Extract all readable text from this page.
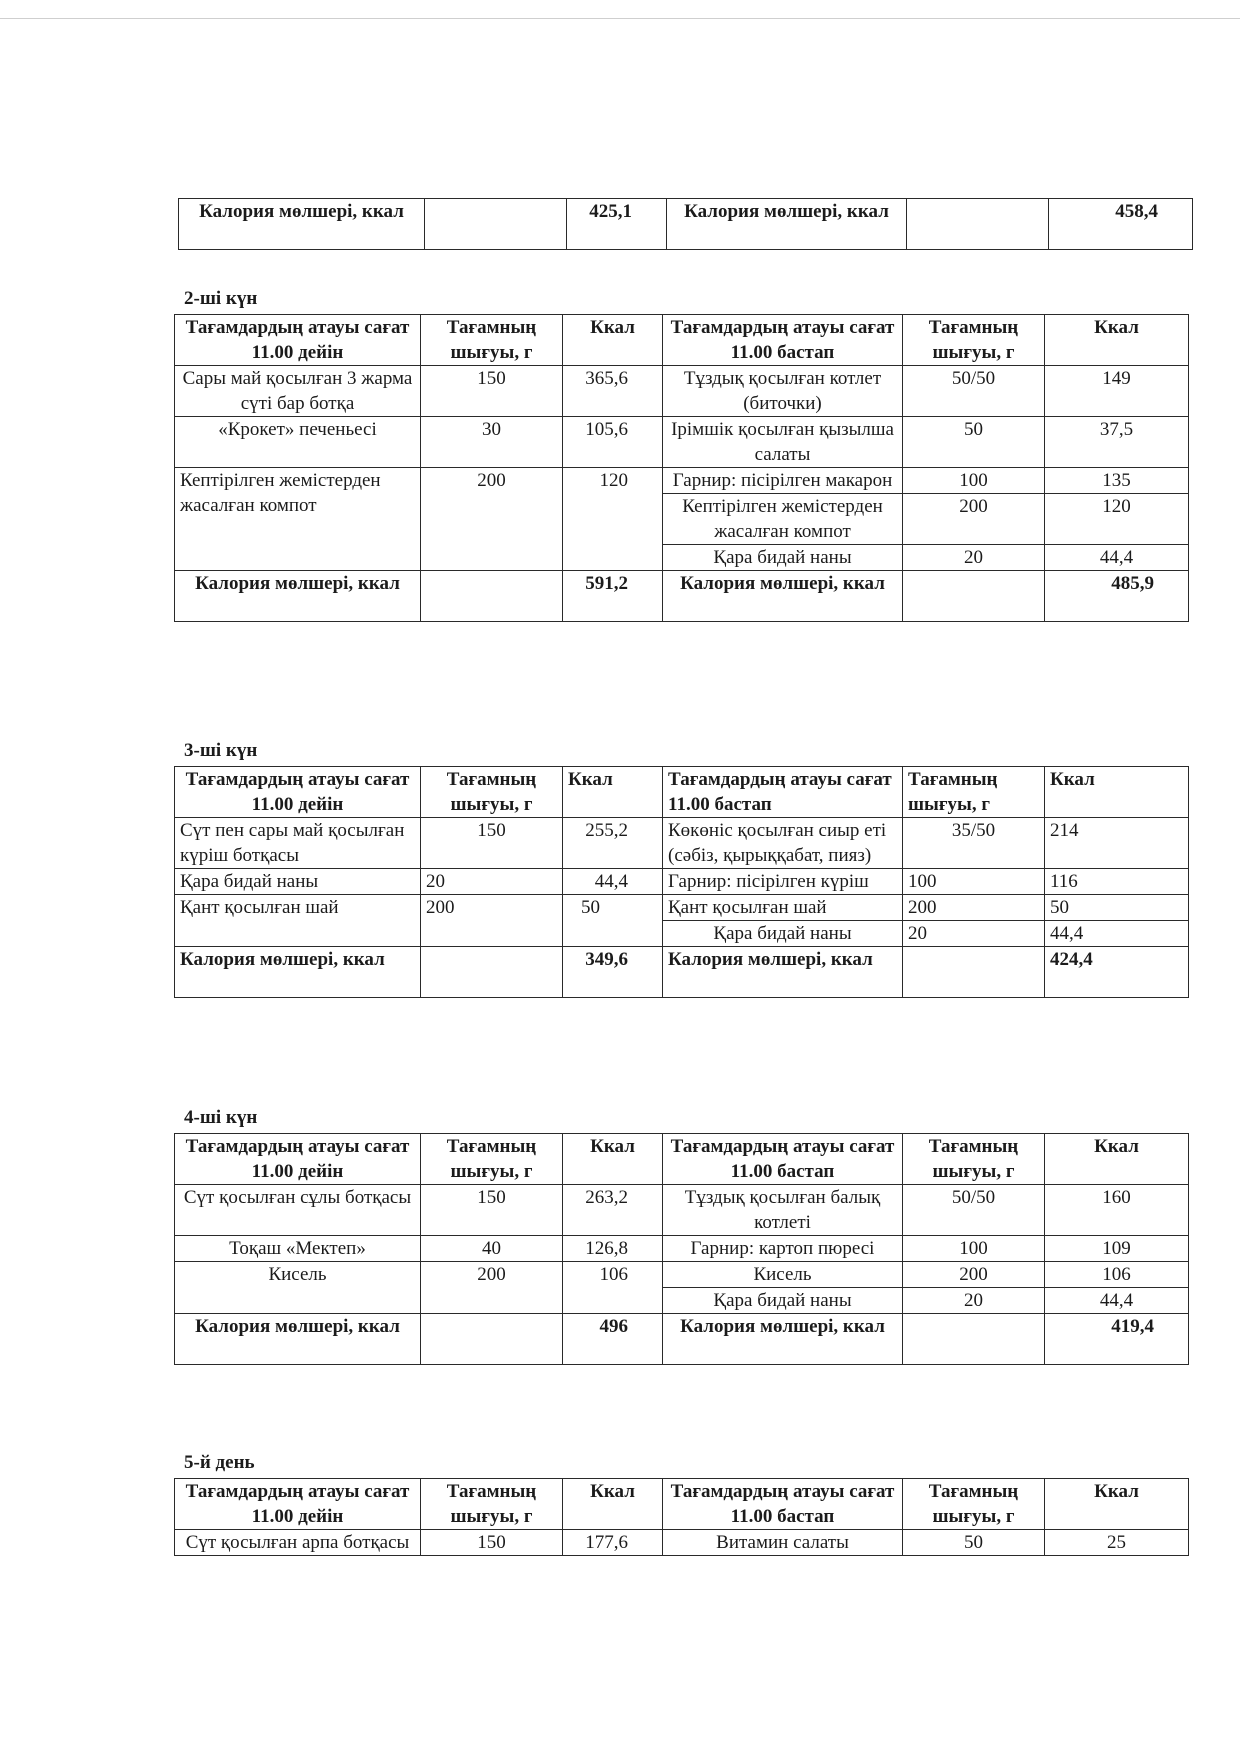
Калория мөлшері, ккал		425,1	Калория мөлшері, ккал		458,4

2-ші күн

Тағамдардың атауы сағат 11.00 дейін	Тағамның шығуы, г	Ккал	Тағамдардың атауы сағат 11.00 бастап	Тағамның шығуы, г	Ккал
Сары май қосылған 3 жарма сүті бар ботқа	150	365,6	Тұздық қосылған котлет (биточки)	50/50	149
«Крокет» печеньесі	30	105,6	Ірімшік қосылған қызылша салаты	50	37,5
Кептірілген жемістерден жасалған компот	200	120	Гарнир: пісірілген макарон	100	135
			Кептірілген жемістерден жасалған компот	200	120
			Қара бидай наны	20	44,4
Калория мөлшері, ккал		591,2	Калория мөлшері, ккал		485,9

3-ші күн

Тағамдардың атауы сағат 11.00 дейін	Тағамның шығуы, г	Ккал	Тағамдардың атауы сағат 11.00 бастап	Тағамның шығуы, г	Ккал
Сүт пен сары май қосылған күріш ботқасы	150	255,2	Көкөніс қосылған сиыр еті (сәбіз, қырыққабат, пияз)	35/50	214
Қара бидай наны	20	44,4	Гарнир: пісірілген күріш	100	116
Қант қосылған шай	200	50	Қант қосылған шай	200	50
			Қара бидай наны	20	44,4
Калория мөлшері, ккал		349,6	Калория мөлшері, ккал		424,4

4-ші күн

Тағамдардың атауы сағат 11.00 дейін	Тағамның шығуы, г	Ккал	Тағамдардың атауы сағат 11.00 бастап	Тағамның шығуы, г	Ккал
Сүт қосылған сұлы ботқасы	150	263,2	Тұздық қосылған балық котлеті	50/50	160
Тоқаш «Мектеп»	40	126,8	Гарнир: картоп пюресі	100	109
Кисель	200	106	Кисель	200	106
			Қара бидай наны	20	44,4
Калория мөлшері, ккал		496	Калория мөлшері, ккал		419,4

5-й день

Тағамдардың атауы сағат 11.00 дейін	Тағамның шығуы, г	Ккал	Тағамдардың атауы сағат 11.00 бастап	Тағамның шығуы, г	Ккал
Сүт қосылған арпа ботқасы	150	177,6	Витамин салаты	50	25
